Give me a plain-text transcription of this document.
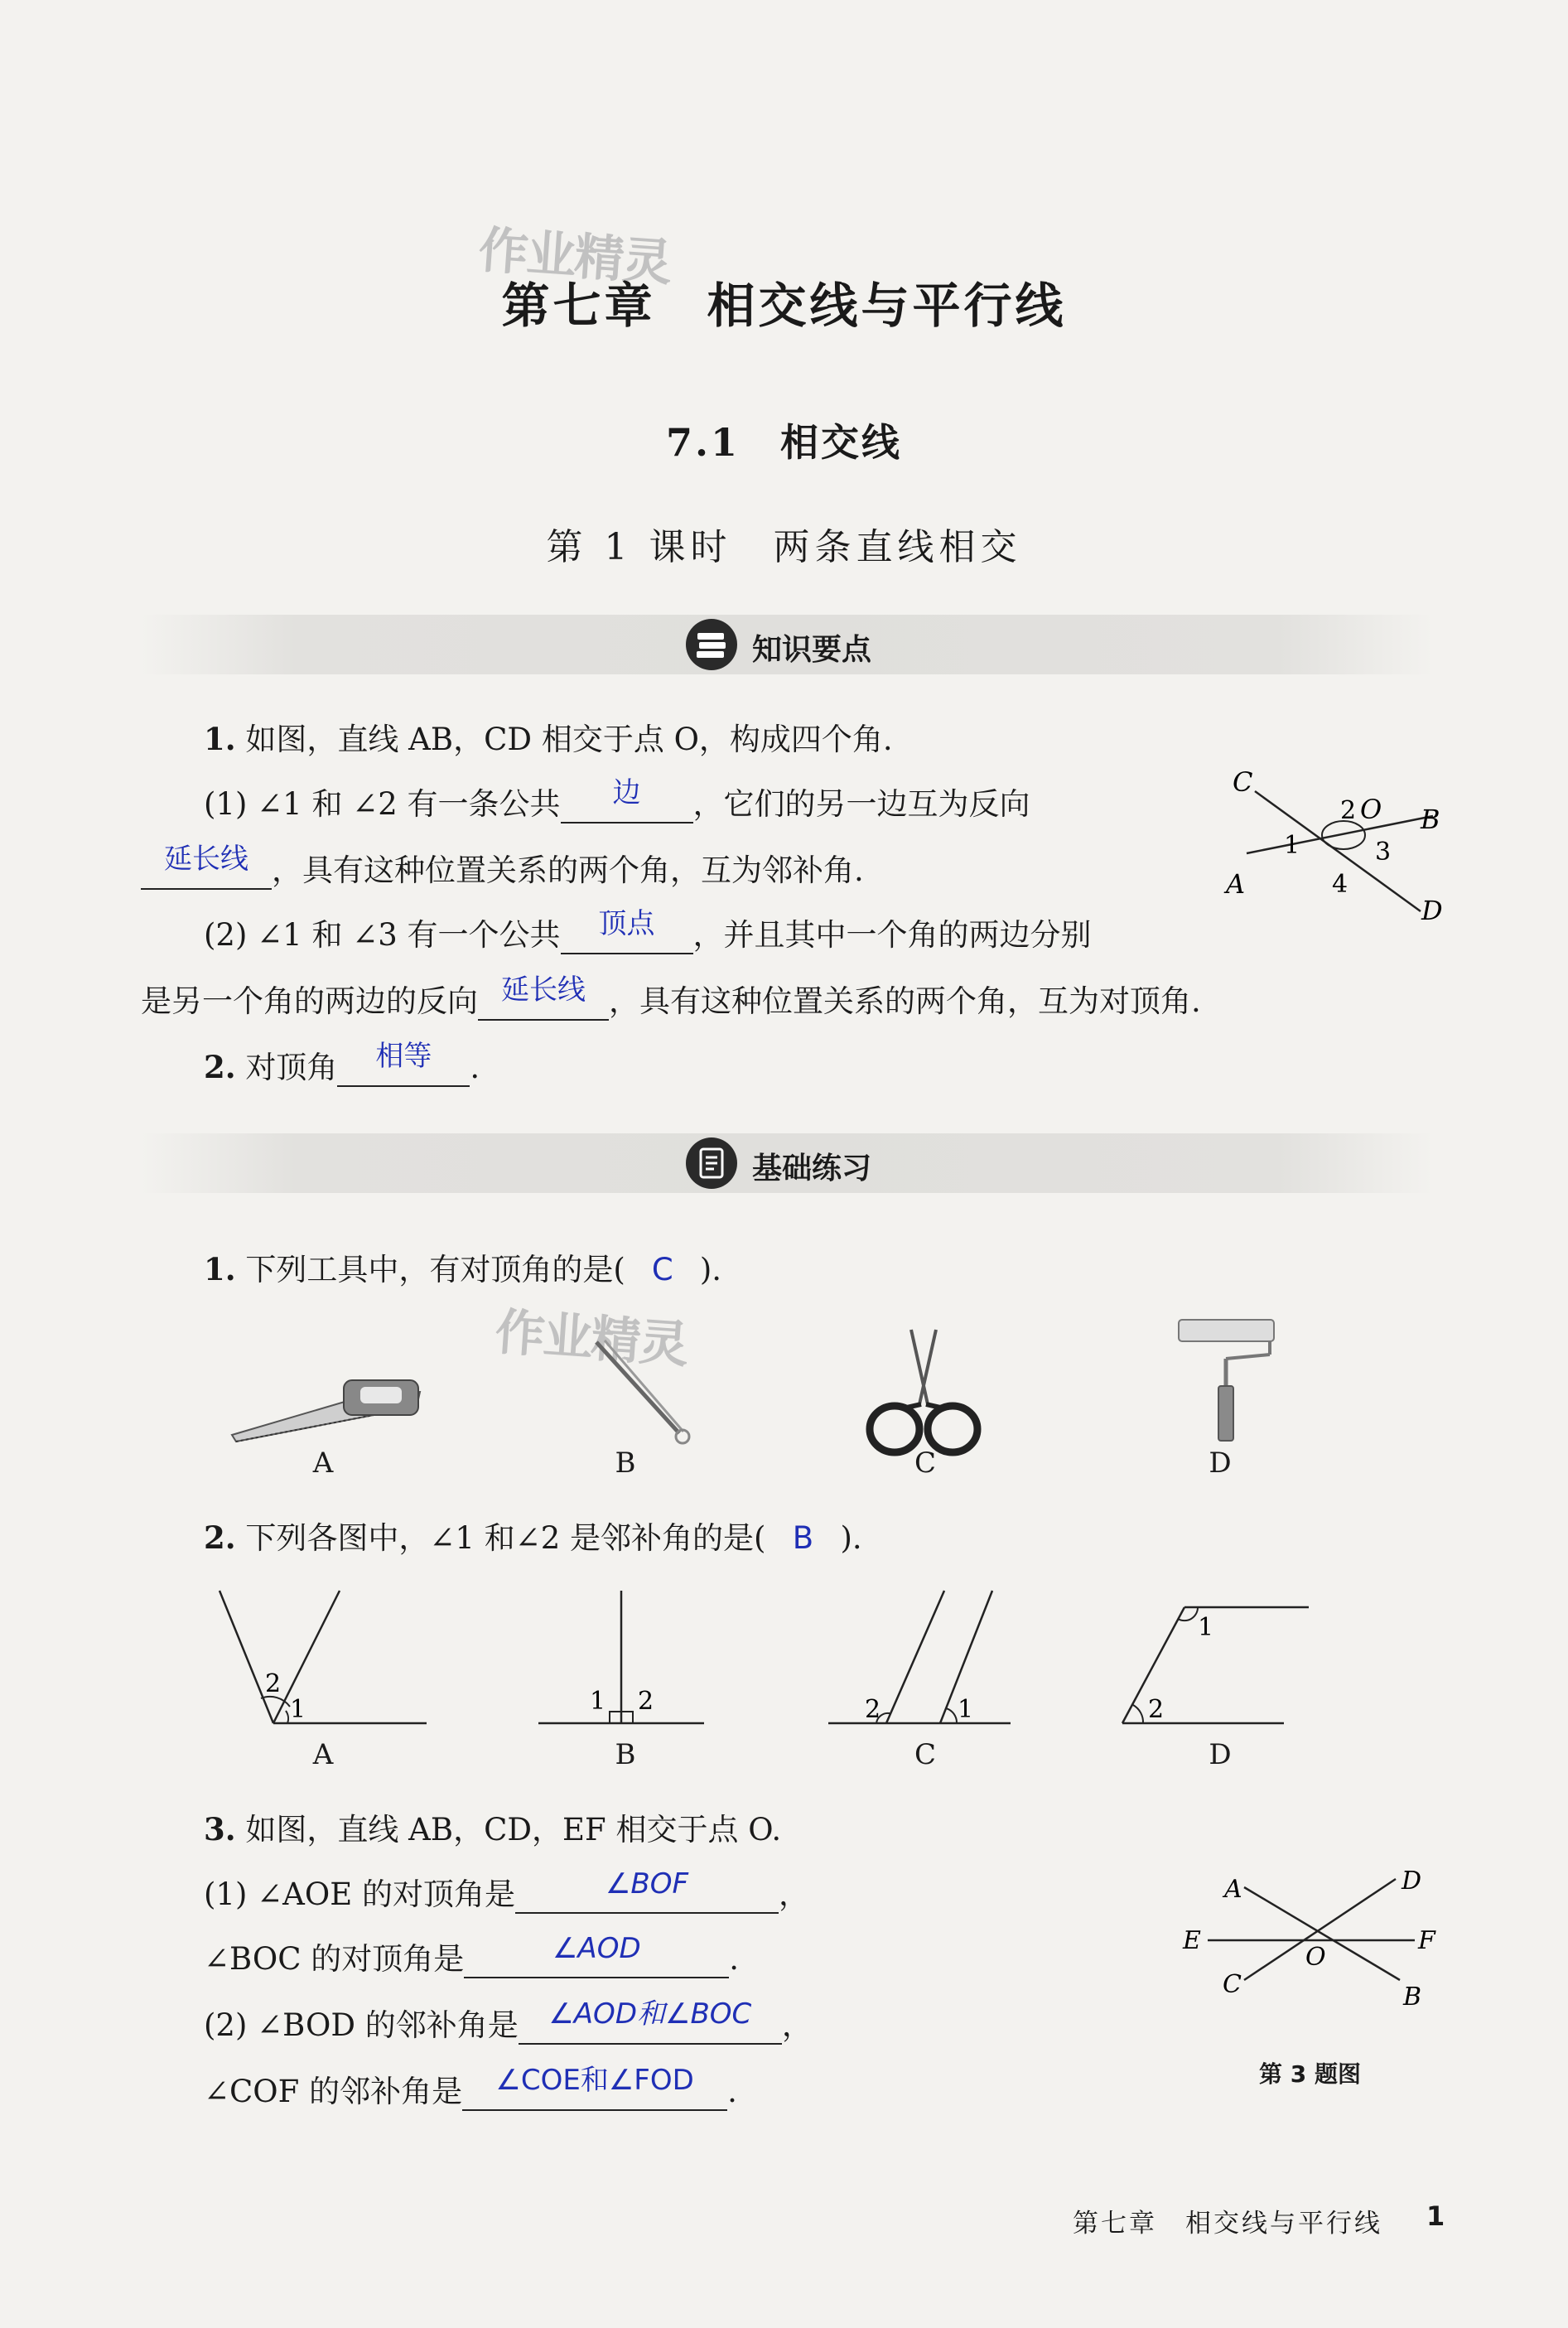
作业精灵
作业精灵
第七章　相交线与平行线
7.1　相交线
第 1 课时　两条直线相交
知识要点
1. 如图，直线 AB，CD 相交于点 O，构成四个角.
(1) ∠1 和 ∠2 有一条公共	边	，它们的另一边互为反向
延长线 ，具有这种位置关系的两个角，互为邻补角.
(2) ∠1 和 ∠3 有一个公共	顶点	，并且其中一个角的两边分别
是另一个角的两边的反向 延长线 ，具有这种位置关系的两个角，互为对顶角.
C
O B
A
D
2
1	3
4
2. 对顶角	相等	.
基础练习
1. 下列工具中，有对顶角的是( C ).
A	B	C	D
2. 下列各图中，∠1 和∠2 是邻补角的是( B ).
2
1	1 2	2	1
1
2
A	B	C	D
3. 如图，直线 AB，CD，EF 相交于点 O.
(1) ∠AOE 的对顶角是	∠BOF	，
∠BOC 的对顶角是	∠AOD	.
(2) ∠BOD 的邻补角是	∠AOD和∠BOC ，
∠COF 的邻补角是	∠COE和∠FOD	.
A	D
E	F
O
C	B
第 3 题图
第七章　相交线与平行线 1
